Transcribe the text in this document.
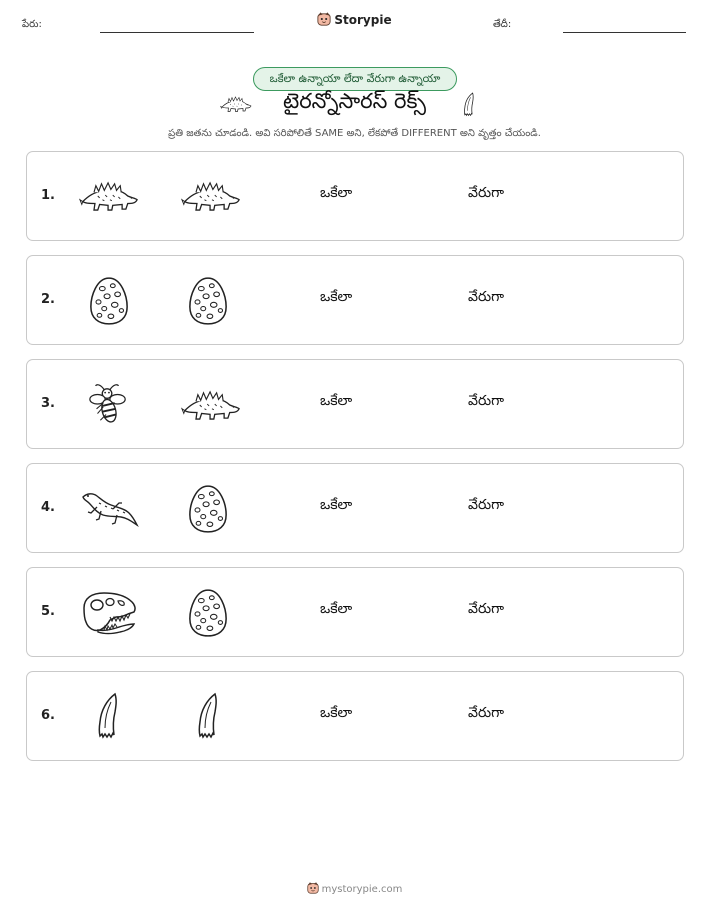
పేరు:	Storypie	తేదీ:
ఒకేలా ఉన్నాయా లేదా వేరుగా ఉన్నాయా
టైరన్నోసారస్ రెక్స్
ప్రతి జతను చూడండి. అవి సరిపోలితే SAME అని, లేకపోతే DIFFERENT అని వృత్తం చేయండి.
1.	ఒకేలా	వేరుగా
2.	ఒకేలా	వేరుగా
3.	ఒకేలా	వేరుగా
4.	ఒకేలా	వేరుగా
5.	ఒకేలా	వేరుగా
6.	ఒకేలా	వేరుగా
mystorypie.com
